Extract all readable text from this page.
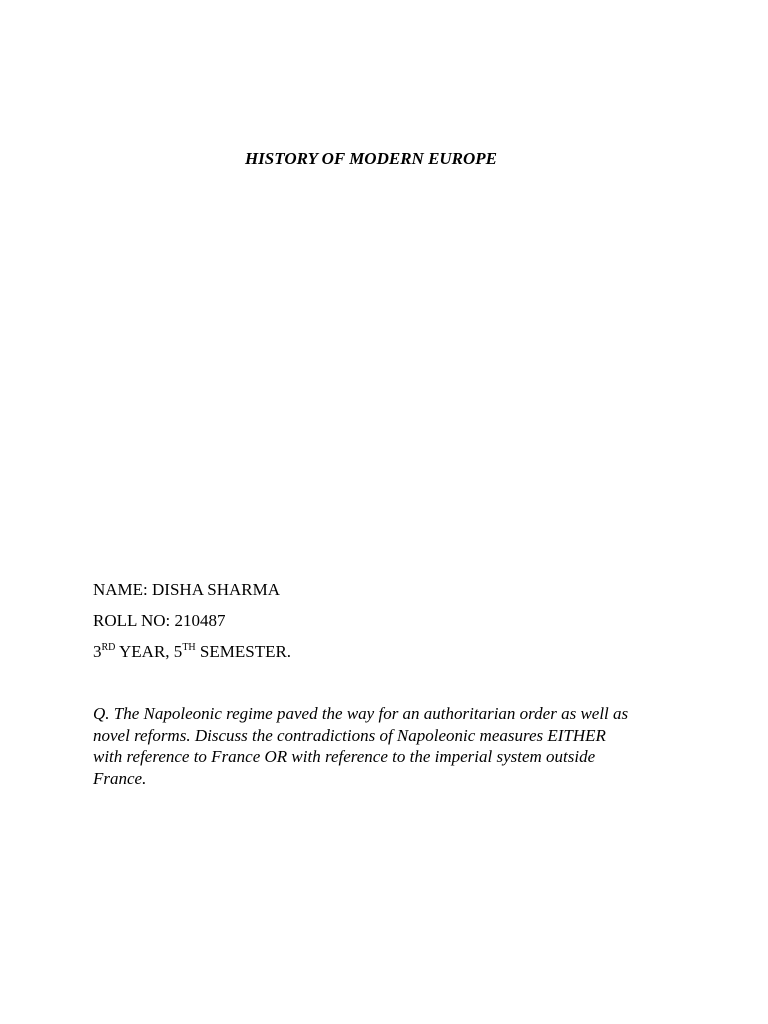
HISTORY OF MODERN EUROPE
NAME: DISHA SHARMA
ROLL NO: 210487
3RD YEAR, 5TH SEMESTER.
Q. The Napoleonic regime paved the way for an authoritarian order as well as
novel reforms. Discuss the contradictions of Napoleonic measures EITHER
with reference to France OR with reference to the imperial system outside
France.
